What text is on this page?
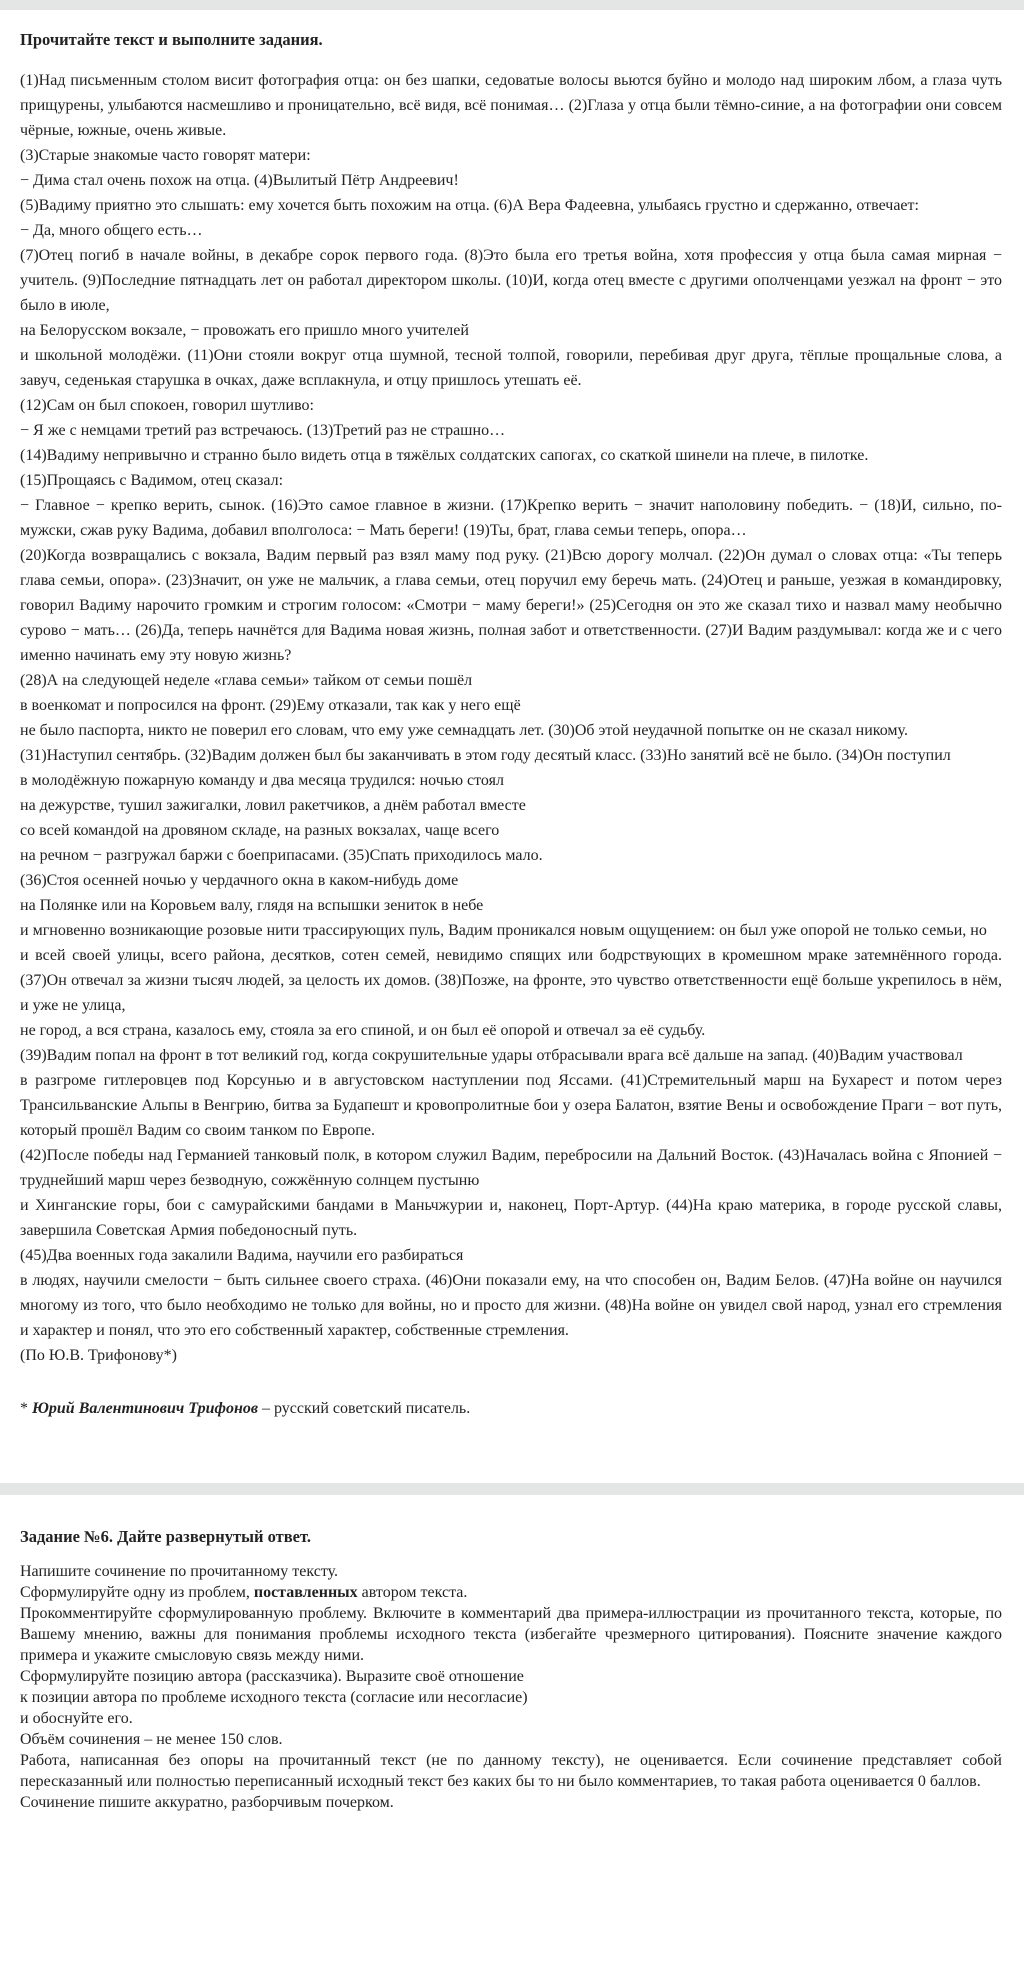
Прочитайте текст и выполните задания.

(1)Над письменным столом висит фотография отца: он без шапки, седоватые волосы вьются буйно и молодо над широким лбом, а глаза чуть прищурены, улыбаются насмешливо и проницательно, всё видя, всё понимая… (2)Глаза у отца были тёмно-синие, а на фотографии они совсем чёрные, южные, очень живые.

(3)Старые знакомые часто говорят матери:

− Дима стал очень похож на отца. (4)Вылитый Пётр Андреевич!

(5)Вадиму приятно это слышать: ему хочется быть похожим на отца. (6)А Вера Фадеевна, улыбаясь грустно и сдержанно, отвечает:

− Да, много общего есть…

(7)Отец погиб в начале войны, в декабре сорок первого года. (8)Это была его третья война, хотя профессия у отца была самая мирная − учитель. (9)Последние пятнадцать лет он работал директором школы. (10)И, когда отец вместе с другими ополченцами уезжал на фронт − это было в июле,

на Белорусском вокзале, − провожать его пришло много учителей

и школьной молодёжи. (11)Они стояли вокруг отца шумной, тесной толпой, говорили, перебивая друг друга, тёплые прощальные слова, а завуч, седенькая старушка в очках, даже всплакнула, и отцу пришлось утешать её.

(12)Сам он был спокоен, говорил шутливо:

− Я же с немцами третий раз встречаюсь. (13)Третий раз не страшно…

(14)Вадиму непривычно и странно было видеть отца в тяжёлых солдатских сапогах, со скаткой шинели на плече, в пилотке.

(15)Прощаясь с Вадимом, отец сказал:

− Главное − крепко верить, сынок. (16)Это самое главное в жизни. (17)Крепко верить − значит наполовину победить. − (18)И, сильно, по-мужски, сжав руку Вадима, добавил вполголоса: − Мать береги! (19)Ты, брат, глава семьи теперь, опора…

(20)Когда возвращались с вокзала, Вадим первый раз взял маму под руку. (21)Всю дорогу молчал. (22)Он думал о словах отца: «Ты теперь глава семьи, опора». (23)Значит, он уже не мальчик, а глава семьи, отец поручил ему беречь мать. (24)Отец и раньше, уезжая в командировку, говорил Вадиму нарочито громким и строгим голосом: «Смотри − маму береги!» (25)Сегодня он это же сказал тихо и назвал маму необычно сурово − мать… (26)Да, теперь начнётся для Вадима новая жизнь, полная забот и ответственности. (27)И Вадим раздумывал: когда же и с чего именно начинать ему эту новую жизнь?

(28)А на следующей неделе «глава семьи» тайком от семьи пошёл

в военкомат и попросился на фронт. (29)Ему отказали, так как у него ещё

не было паспорта, никто не поверил его словам, что ему уже семнадцать лет. (30)Об этой неудачной попытке он не сказал никому.

(31)Наступил сентябрь. (32)Вадим должен был бы заканчивать в этом году десятый класс. (33)Но занятий всё не было. (34)Он поступил

в молодёжную пожарную команду и два месяца трудился: ночью стоял

на дежурстве, тушил зажигалки, ловил ракетчиков, а днём работал вместе

со всей командой на дровяном складе, на разных вокзалах, чаще всего

на речном − разгружал баржи с боеприпасами. (35)Спать приходилось мало.

(36)Стоя осенней ночью у чердачного окна в каком-нибудь доме

на Полянке или на Коровьем валу, глядя на вспышки зениток в небе

и мгновенно возникающие розовые нити трассирующих пуль, Вадим проникался новым ощущением: он был уже опорой не только семьи, но

и всей своей улицы, всего района, десятков, сотен семей, невидимо спящих или бодрствующих в кромешном мраке затемнённого города. (37)Он отвечал за жизни тысяч людей, за целость их домов. (38)Позже, на фронте, это чувство ответственности ещё больше укрепилось в нём, и уже не улица,

не город, а вся страна, казалось ему, стояла за его спиной, и он был её опорой и отвечал за её судьбу.

(39)Вадим попал на фронт в тот великий год, когда сокрушительные удары отбрасывали врага всё дальше на запад. (40)Вадим участвовал

в разгроме гитлеровцев под Корсунью и в августовском наступлении под Яссами. (41)Стремительный марш на Бухарест и потом через Трансильванские Альпы в Венгрию, битва за Будапешт и кровопролитные бои у озера Балатон, взятие Вены и освобождение Праги − вот путь, который прошёл Вадим со своим танком по Европе.

(42)После победы над Германией танковый полк, в котором служил Вадим, перебросили на Дальний Восток. (43)Началась война с Японией − труднейший марш через безводную, сожжённую солнцем пустыню

и Хинганские горы, бои с самурайскими бандами в Маньчжурии и, наконец, Порт-Артур. (44)На краю материка, в городе русской славы, завершила Советская Армия победоносный путь.

(45)Два военных года закалили Вадима, научили его разбираться

в людях, научили смелости − быть сильнее своего страха. (46)Они показали ему, на что способен он, Вадим Белов. (47)На войне он научился многому из того, что было необходимо не только для войны, но и просто для жизни. (48)На войне он увидел свой народ, узнал его стремления и характер и понял, что это его собственный характер, собственные стремления.

(По Ю.В. Трифонову*)

* Юрий Валентинович Трифонов – русский советский писатель.
Задание №6. Дайте развернутый ответ.

Напишите сочинение по прочитанному тексту.

Сформулируйте одну из проблем, поставленных автором текста.

Прокомментируйте сформулированную проблему. Включите в комментарий два примера-иллюстрации из прочитанного текста, которые, по Вашему мнению, важны для понимания проблемы исходного текста (избегайте чрезмерного цитирования). Поясните значение каждого примера и укажите смысловую связь между ними.

Сформулируйте позицию автора (рассказчика). Выразите своё отношение

к позиции автора по проблеме исходного текста (согласие или несогласие)

и обоснуйте его.

Объём сочинения – не менее 150 слов.

Работа, написанная без опоры на прочитанный текст (не по данному тексту), не оценивается. Если сочинение представляет собой пересказанный или полностью переписанный исходный текст без каких бы то ни было комментариев, то такая работа оценивается 0 баллов.

Сочинение пишите аккуратно, разборчивым почерком.
